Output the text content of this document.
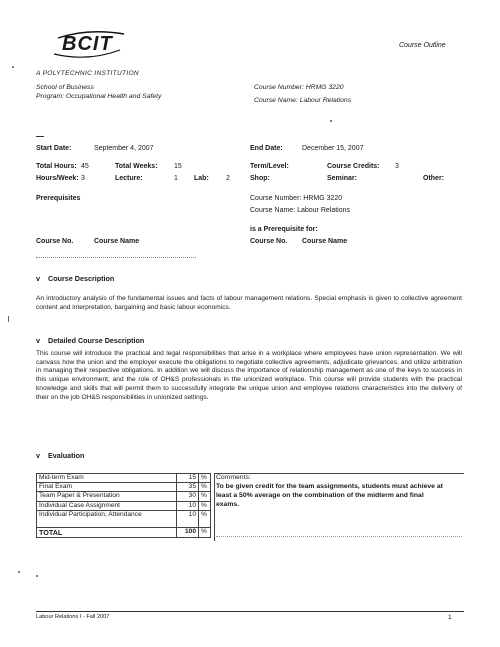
BCIT	Course Outline
A POLYTECHNIC INSTITUTION
School of Business
Program: Occupational Health and Safety
Course Number: HRMG 3220
Course Name: Labour Relations
Start Date:	September 4, 2007	End Date:	December 15, 2007
Total Hours: 45	Total Weeks: 15	Term/Level:	Course Credits: 3
Hours/Week: 3	Lecture:	1 Lab: 2	Shop:	Seminar:	Other:
Prerequisites	Course Number: HRMG 3220
Course Name: Labour Relations
is a Prerequisite for:
Course No.	Course Name	Course No. Course Name
v Course Description
An introductory analysis of the fundamental issues and facts of labour management relations. Special emphasis is given to collective agreement content and interpretation, bargaining and basic labour economics.
v Detailed Course Description
This course will introduce the practical and legal responsibilities that arise in a workplace where employees have union representation. We will canvass how the union and the employer execute the obligations to negotiate collective agreements, adjudicate grievances, and utilize arbitration in managing their respective obligations. In addition we will discuss the importance of relationship management as one of the keys to success in this unique environment, and the role of OH&S professionals in the unionized workplace. This course will provide students with the practical knowledge and skills that will permit them to successfully integrate the unique union and employee relations characteristics into the delivery of their on the job OH&S responsibilities in unionized settings.
v Evaluation
Mid-term Exam	15	%
Final Exam	35	%
Team Paper & Presentation	30	%
Individual Case Assignment	10	%
Individual Participation, Attendance	10	%
TOTAL	100	%
Comments:
To be given credit for the team assignments, students must achieve at least a 50% average on the combination of the midterm and final exams.
Labour Relations I - Fall 2007	1
